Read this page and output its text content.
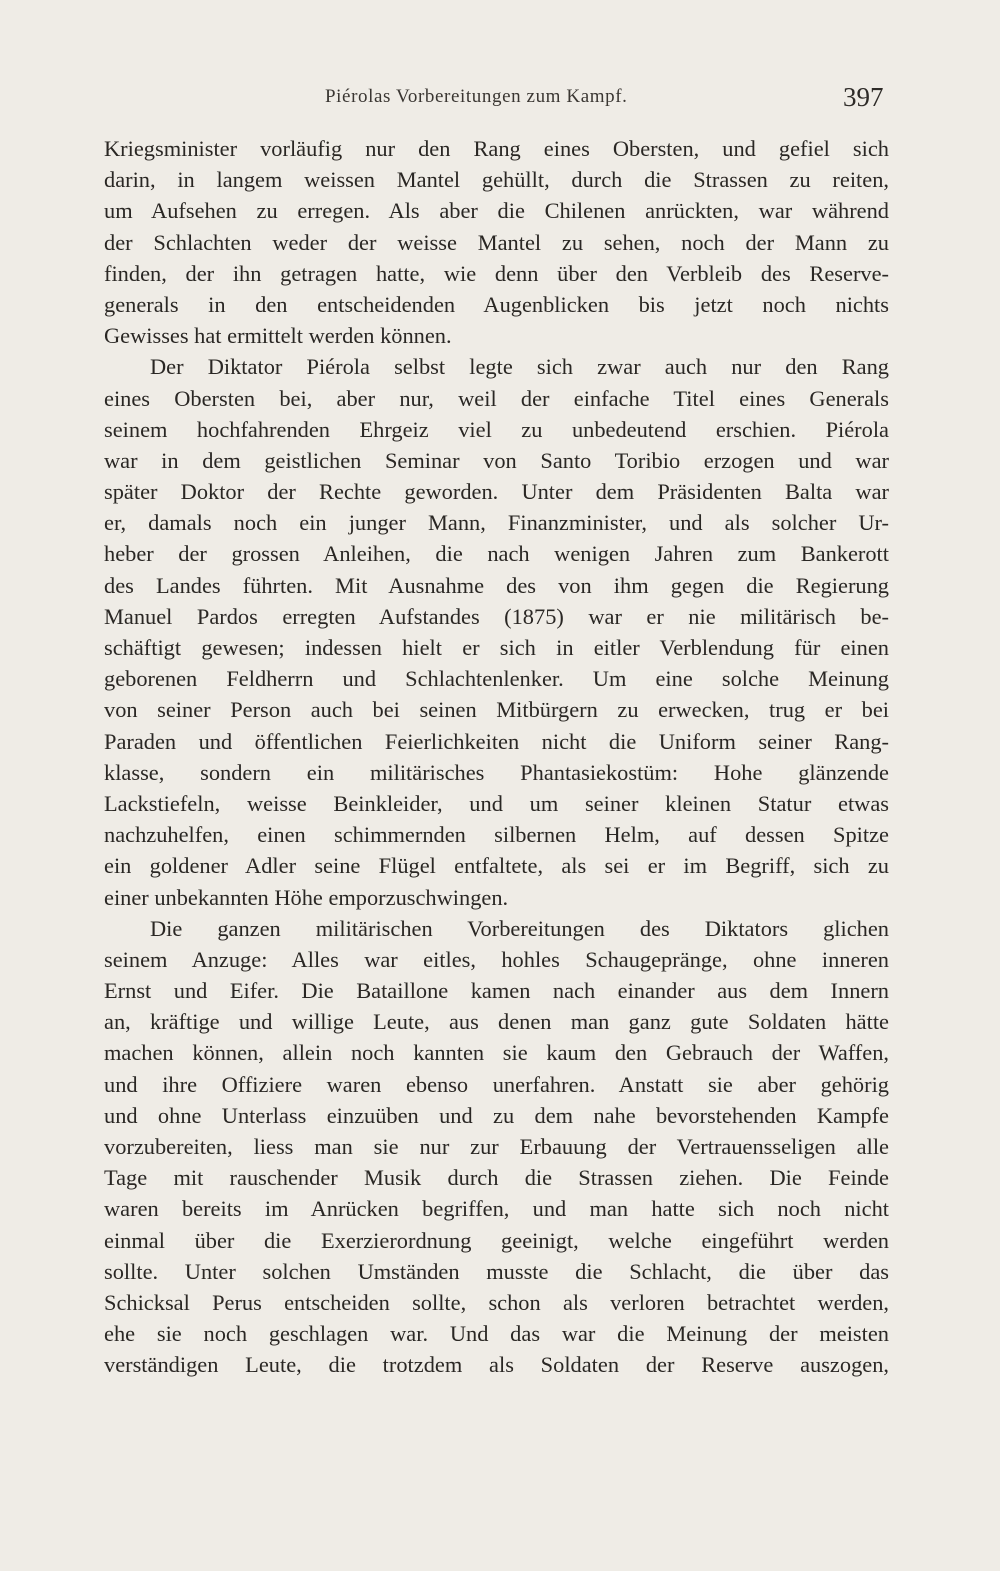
Piérolas Vorbereitungen zum Kampf.	397
Kriegsminister vorläufig nur den Rang eines Obersten, und gefiel sich
darin, in langem weissen Mantel gehüllt, durch die Strassen zu reiten,
um Aufsehen zu erregen. Als aber die Chilenen anrückten, war während
der Schlachten weder der weisse Mantel zu sehen, noch der Mann zu
finden, der ihn getragen hatte, wie denn über den Verbleib des Reserve-
generals in den entscheidenden Augenblicken bis jetzt noch nichts
Gewisses hat ermittelt werden können.
Der Diktator Piérola selbst legte sich zwar auch nur den Rang
eines Obersten bei, aber nur, weil der einfache Titel eines Generals
seinem hochfahrenden Ehrgeiz viel zu unbedeutend erschien. Piérola
war in dem geistlichen Seminar von Santo Toribio erzogen und war
später Doktor der Rechte geworden. Unter dem Präsidenten Balta war
er, damals noch ein junger Mann, Finanzminister, und als solcher Ur-
heber der grossen Anleihen, die nach wenigen Jahren zum Bankerott
des Landes führten. Mit Ausnahme des von ihm gegen die Regierung
Manuel Pardos erregten Aufstandes (1875) war er nie militärisch be-
schäftigt gewesen; indessen hielt er sich in eitler Verblendung für einen
geborenen Feldherrn und Schlachtenlenker. Um eine solche Meinung
von seiner Person auch bei seinen Mitbürgern zu erwecken, trug er bei
Paraden und öffentlichen Feierlichkeiten nicht die Uniform seiner Rang-
klasse, sondern ein militärisches Phantasiekostüm: Hohe glänzende
Lackstiefeln, weisse Beinkleider, und um seiner kleinen Statur etwas
nachzuhelfen, einen schimmernden silbernen Helm, auf dessen Spitze
ein goldener Adler seine Flügel entfaltete, als sei er im Begriff, sich zu
einer unbekannten Höhe emporzuschwingen.
Die ganzen militärischen Vorbereitungen des Diktators glichen
seinem Anzuge: Alles war eitles, hohles Schaugepränge, ohne inneren
Ernst und Eifer. Die Bataillone kamen nach einander aus dem Innern
an, kräftige und willige Leute, aus denen man ganz gute Soldaten hätte
machen können, allein noch kannten sie kaum den Gebrauch der Waffen,
und ihre Offiziere waren ebenso unerfahren. Anstatt sie aber gehörig
und ohne Unterlass einzuüben und zu dem nahe bevorstehenden Kampfe
vorzubereiten, liess man sie nur zur Erbauung der Vertrauensseligen alle
Tage mit rauschender Musik durch die Strassen ziehen. Die Feinde
waren bereits im Anrücken begriffen, und man hatte sich noch nicht
einmal über die Exerzierordnung geeinigt, welche eingeführt werden
sollte. Unter solchen Umständen musste die Schlacht, die über das
Schicksal Perus entscheiden sollte, schon als verloren betrachtet werden,
ehe sie noch geschlagen war. Und das war die Meinung der meisten
verständigen Leute, die trotzdem als Soldaten der Reserve auszogen,
